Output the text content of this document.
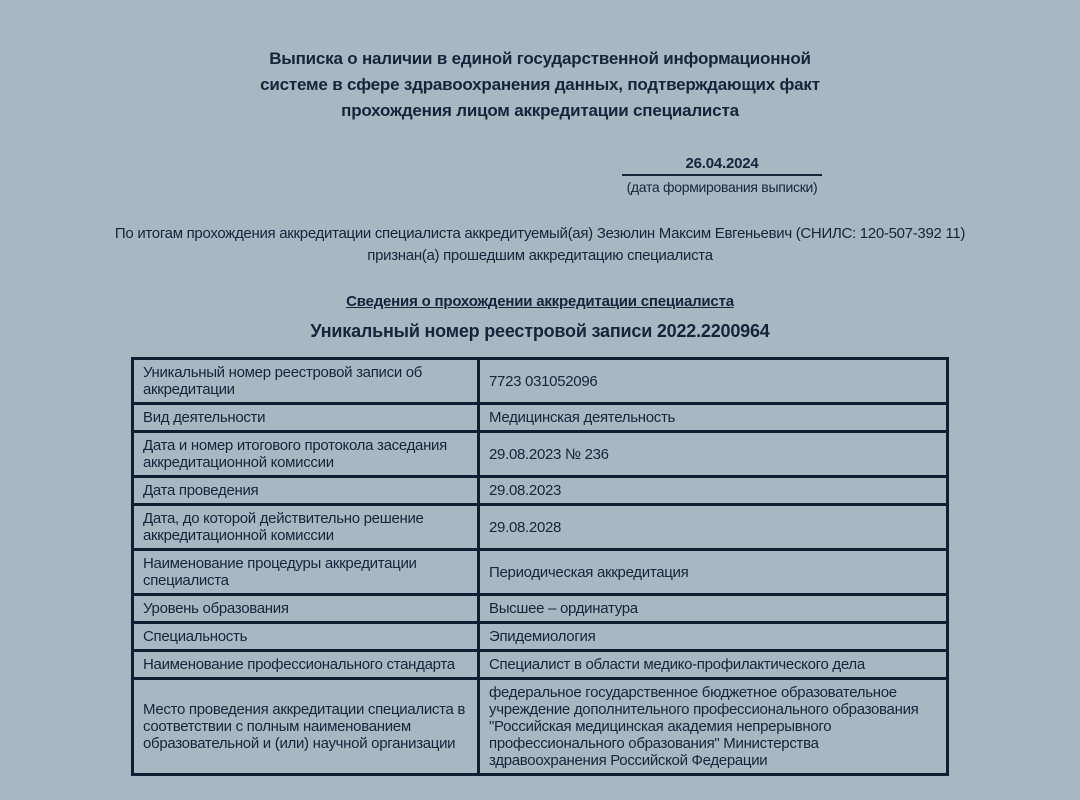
Выписка о наличии в единой государственной информационной
системе в сфере здравоохранения данных, подтверждающих факт
прохождения лицом аккредитации специалиста
26.04.2024
(дата формирования выписки)
По итогам прохождения аккредитации специалиста аккредитуемый(ая) Зезюлин Максим Евгеньевич (СНИЛС: 120-507-392 11)
признан(а) прошедшим аккредитацию специалиста
Сведения о прохождении аккредитации специалиста
Уникальный номер реестровой записи 2022.2200964
Уникальный номер реестровой записи об аккредитации	7723 031052096
Вид деятельности	Медицинская деятельность
Дата и номер итогового протокола заседания аккредитационной комиссии	29.08.2023 № 236
Дата проведения	29.08.2023
Дата, до которой действительно решение аккредитационной комиссии	29.08.2028
Наименование процедуры аккредитации специалиста	Периодическая аккредитация
Уровень образования	Высшее – ординатура
Специальность	Эпидемиология
Наименование профессионального стандарта	Специалист в области медико-профилактического дела
Место проведения аккредитации специалиста в соответствии с полным наименованием образовательной и (или) научной организации	федеральное государственное бюджетное образовательное учреждение дополнительного профессионального образования "Российская медицинская академия непрерывного профессионального образования" Министерства здравоохранения Российской Федерации
